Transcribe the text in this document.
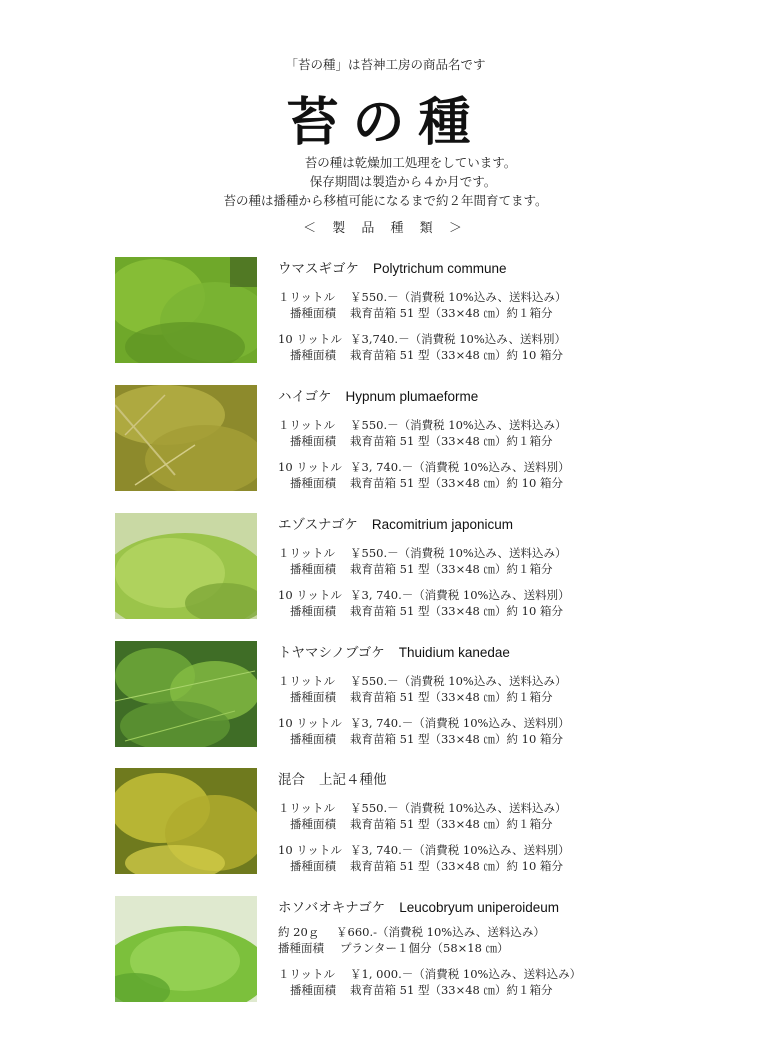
「苔の種」は苔神工房の商品名です
苔の種
苔の種は乾燥加工処理をしています。
保存期間は製造から４か月です。
苔の種は播種から移植可能になるまで約２年間育てます。
＜ 製 品 種 類 ＞
ウマスギゴケ Polytrichum commune
１リットル ￥550.－（消費税 10%込み、送料込み）
播種面積 栽育苗箱 51 型（33×48 ㎝）約１箱分
10 リットル ￥3,740.－（消費税 10%込み、送料別）
播種面積 栽育苗箱 51 型（33×48 ㎝）約 10 箱分
ハイゴケ Hypnum plumaeforme
１リットル ￥550.－（消費税 10%込み、送料込み）
播種面積 栽育苗箱 51 型（33×48 ㎝）約１箱分
10 リットル ￥3, 740.－（消費税 10%込み、送料別）
播種面積 栽育苗箱 51 型（33×48 ㎝）約 10 箱分
エゾスナゴケ Racomitrium japonicum
１リットル ￥550.－（消費税 10%込み、送料込み）
播種面積 栽育苗箱 51 型（33×48 ㎝）約１箱分
10 リットル ￥3, 740.－（消費税 10%込み、送料別）
播種面積 栽育苗箱 51 型（33×48 ㎝）約 10 箱分
トヤマシノブゴケ Thuidium kanedae
１リットル ￥550.－（消費税 10%込み、送料込み）
播種面積 栽育苗箱 51 型（33×48 ㎝）約１箱分
10 リットル ￥3, 740.－（消費税 10%込み、送料別）
播種面積 栽育苗箱 51 型（33×48 ㎝）約 10 箱分
混合 上記４種他
１リットル ￥550.－（消費税 10%込み、送料込み）
播種面積 栽育苗箱 51 型（33×48 ㎝）約１箱分
10 リットル ￥3, 740.－（消費税 10%込み、送料別）
播種面積 栽育苗箱 51 型（33×48 ㎝）約 10 箱分
ホソバオキナゴケ Leucobryum uniperoideum
約 20ｇ ￥660.-（消費税 10%込み、送料込み）
播種面積 プランター１個分（58×18 ㎝）
１リットル ￥1, 000.－（消費税 10%込み、送料込み）
播種面積 栽育苗箱 51 型（33×48 ㎝）約１箱分
